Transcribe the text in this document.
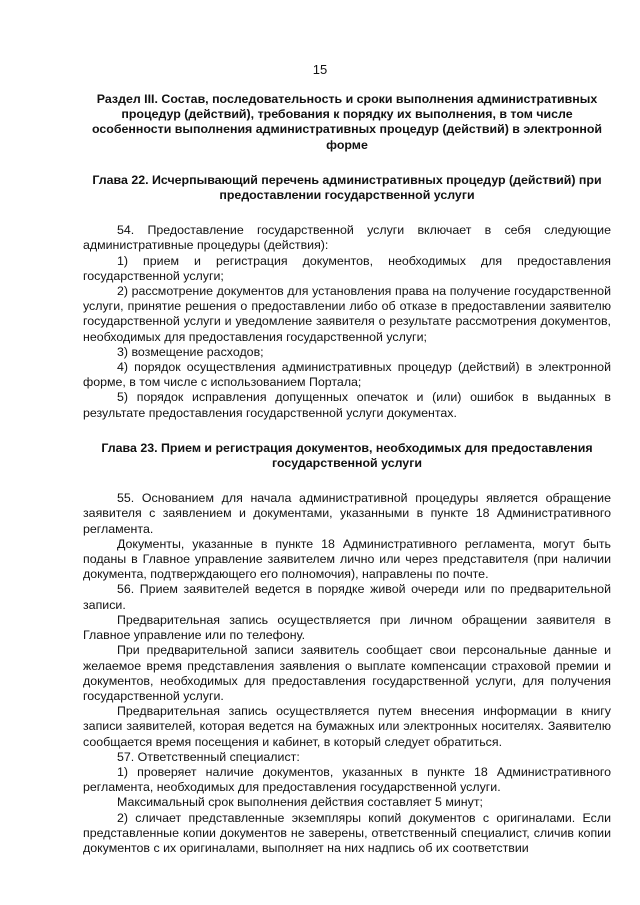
15
Раздел III. Состав, последовательность и сроки выполнения административных процедур (действий), требования к порядку их выполнения, в том числе особенности выполнения административных процедур (действий) в электронной форме
Глава 22. Исчерпывающий перечень административных процедур (действий) при предоставлении государственной услуги

54. Предоставление государственной услуги включает в себя следующие административные процедуры (действия):

1) прием и регистрация документов, необходимых для предоставления государственной услуги;

2) рассмотрение документов для установления права на получение государственной услуги, принятие решения о предоставлении либо об отказе в предоставлении заявителю государственной услуги и уведомление заявителя о результате рассмотрения документов, необходимых для предоставления государственной услуги;

3) возмещение расходов;

4) порядок осуществления административных процедур (действий) в электронной форме, в том числе с использованием Портала;

5) порядок исправления допущенных опечаток и (или) ошибок в выданных в результате предоставления государственной услуги документах.

Глава 23. Прием и регистрация документов, необходимых для предоставления государственной услуги

55. Основанием для начала административной процедуры является обращение заявителя с заявлением и документами, указанными в пункте 18 Административного регламента.

Документы, указанные в пункте 18 Административного регламента, могут быть поданы в Главное управление заявителем лично или через представителя (при наличии документа, подтверждающего его полномочия), направлены по почте.

56. Прием заявителей ведется в порядке живой очереди или по предварительной записи.

Предварительная запись осуществляется при личном обращении заявителя в Главное управление или по телефону.

При предварительной записи заявитель сообщает свои персональные данные и желаемое время представления заявления о выплате компенсации страховой премии и документов, необходимых для предоставления государственной услуги, для получения государственной услуги.

Предварительная запись осуществляется путем внесения информации в книгу записи заявителей, которая ведется на бумажных или электронных носителях. Заявителю сообщается время посещения и кабинет, в который следует обратиться.

57. Ответственный специалист:

1) проверяет наличие документов, указанных в пункте 18 Административного регламента, необходимых для предоставления государственной услуги.

Максимальный срок выполнения действия составляет 5 минут;

2) сличает представленные экземпляры копий документов с оригиналами. Если представленные копии документов не заверены, ответственный специалист, сличив копии документов с их оригиналами, выполняет на них надпись об их соответствии
